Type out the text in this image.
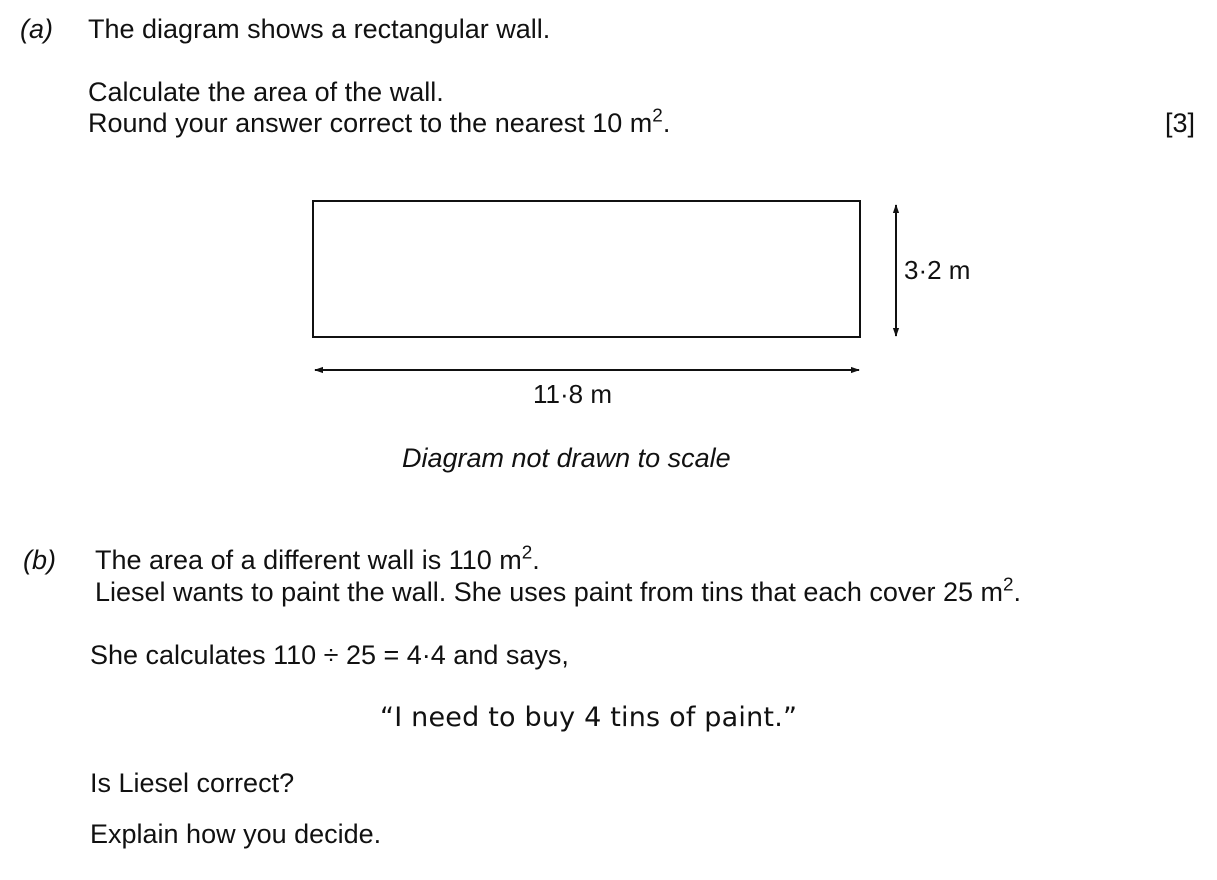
(a) The diagram shows a rectangular wall.
Calculate the area of the wall.
Round your answer correct to the nearest 10 $m^2$.	[3]
3·2 m
11·8 m
Diagram not drawn to scale
(b) The area of a different wall is 110 $m^2$.
Liesel wants to paint the wall. She uses paint from tins that each cover 25 $m^2$.
She calculates 110 ÷ 25 = 4·4 and says,
“I need to buy 4 tins of paint.”
Is Liesel correct?
Explain how you decide.
